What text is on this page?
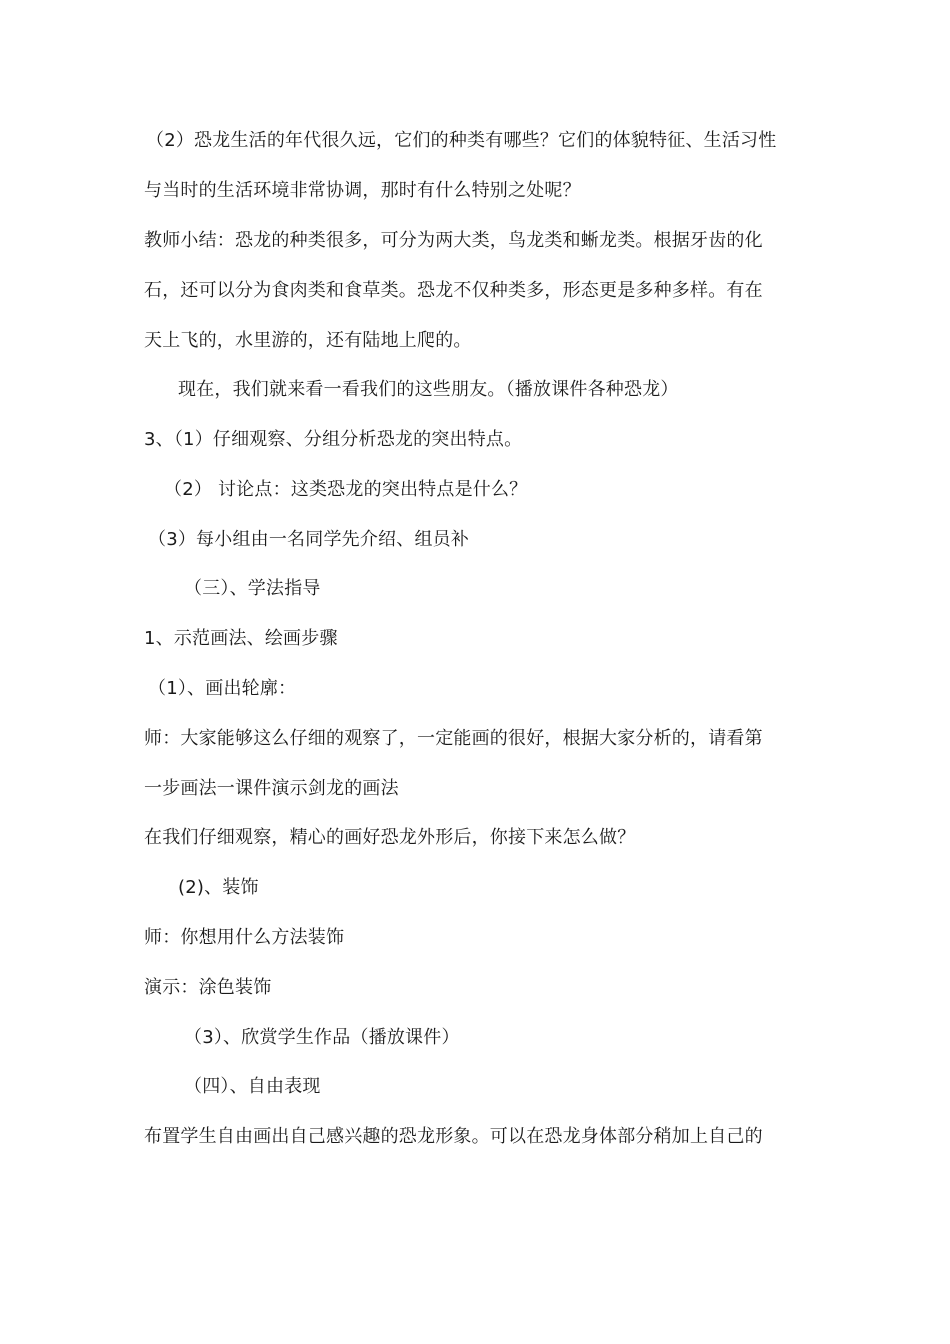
（2）恐龙生活的年代很久远，它们的种类有哪些？它们的体貌特征、生活习性
与当时的生活环境非常协调，那时有什么特别之处呢？
教师小结：恐龙的种类很多，可分为两大类，鸟龙类和蜥龙类。根据牙齿的化
石，还可以分为食肉类和食草类。恐龙不仅种类多，形态更是多种多样。有在
天上飞的，水里游的，还有陆地上爬的。
现在，我们就来看一看我们的这些朋友。（播放课件各种恐龙）
3、（1）仔细观察、分组分析恐龙的突出特点。
（2） 讨论点：这类恐龙的突出特点是什么？
（3）每小组由一名同学先介绍、组员补
（三）、学法指导
1、示范画法、绘画步骤
（1）、画出轮廓：
师：大家能够这么仔细的观察了，一定能画的很好，根据大家分析的，请看第
一步画法一课件演示剑龙的画法
在我们仔细观察，精心的画好恐龙外形后，你接下来怎么做？
(2)、装饰
师：你想用什么方法装饰
演示：涂色装饰
（3）、欣赏学生作品（播放课件）
（四）、自由表现
布置学生自由画出自己感兴趣的恐龙形象。可以在恐龙身体部分稍加上自己的
